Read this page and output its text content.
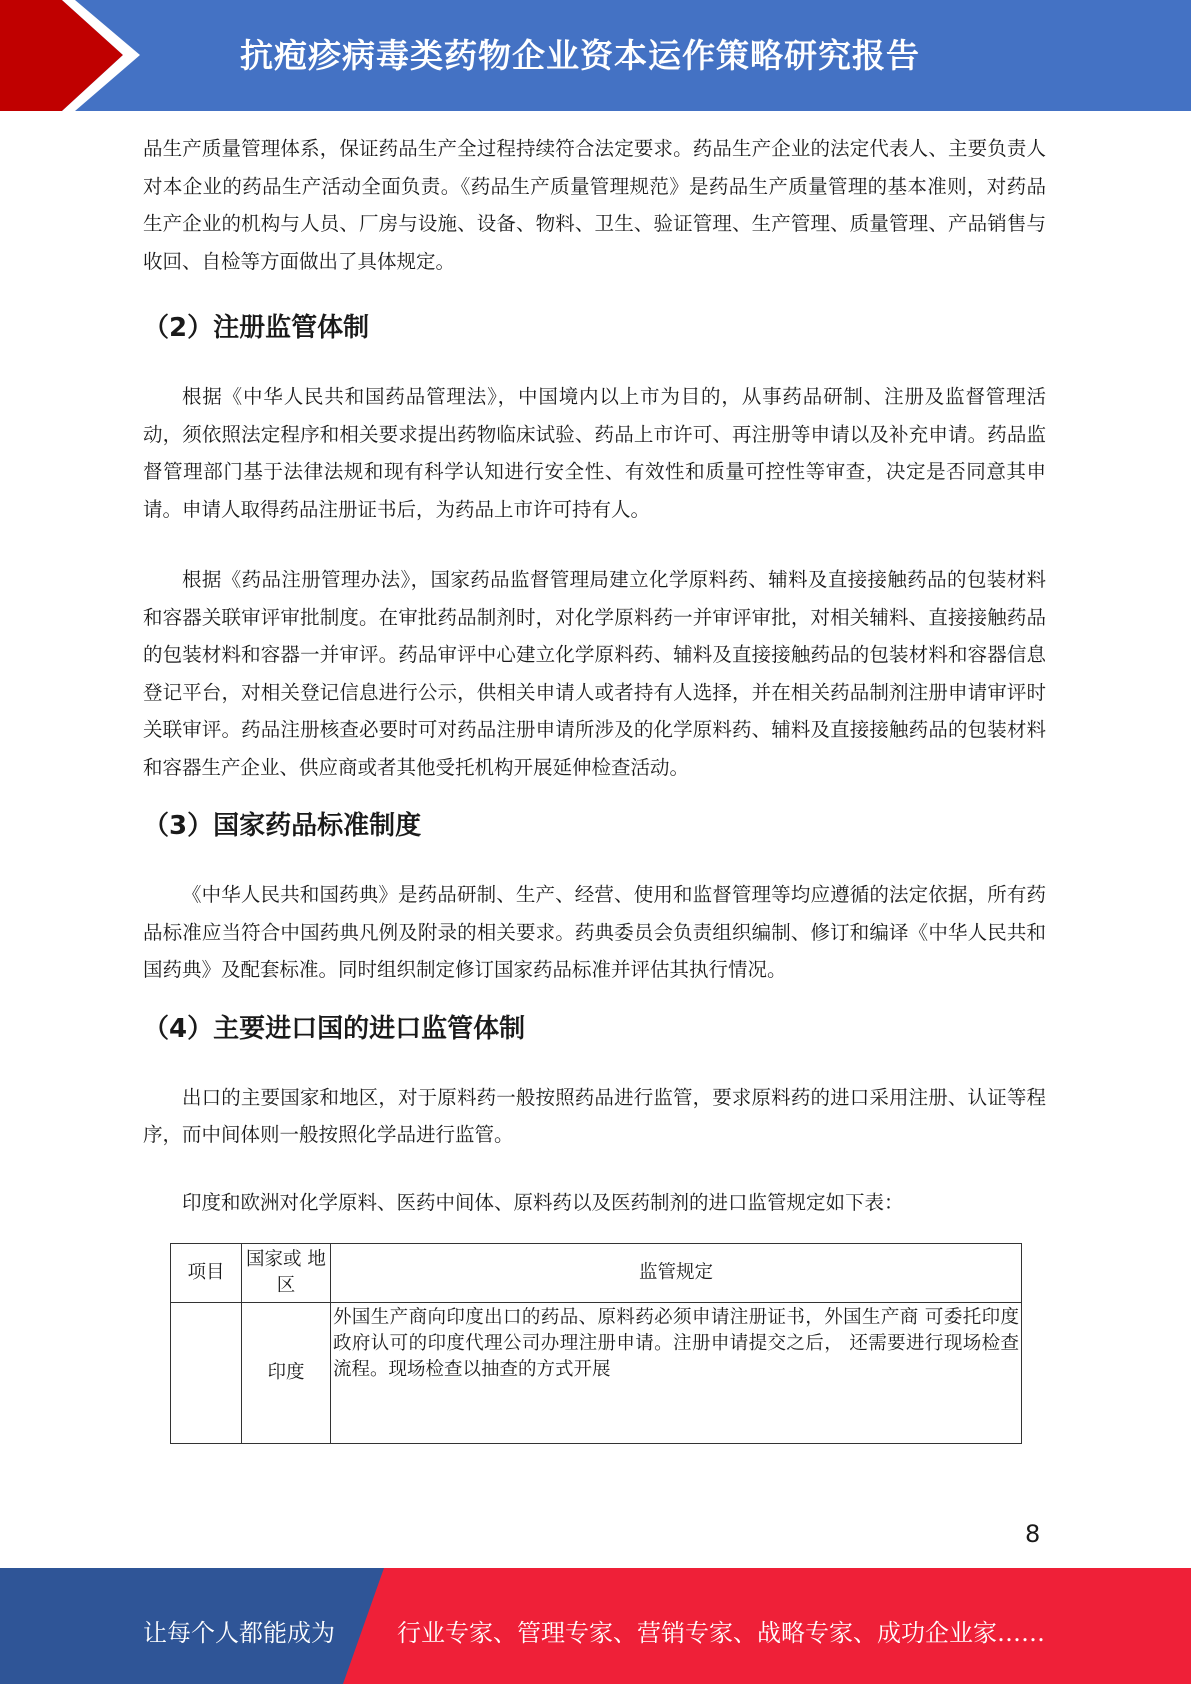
抗疱疹病毒类药物企业资本运作策略研究报告

品生产质量管理体系，保证药品生产全过程持续符合法定要求。药品生产企业的法定代表人、主要负责人对本企业的药品生产活动全面负责。《药品生产质量管理规范》是药品生产质量管理的基本准则，对药品生产企业的机构与人员、厂房与设施、设备、物料、卫生、验证管理、生产管理、质量管理、产品销售与收回、自检等方面做出了具体规定。

（2）注册监管体制

根据《中华人民共和国药品管理法》，中国境内以上市为目的，从事药品研制、注册及监督管理活动，须依照法定程序和相关要求提出药物临床试验、药品上市许可、再注册等申请以及补充申请。药品监督管理部门基于法律法规和现有科学认知进行安全性、有效性和质量可控性等审查，决定是否同意其申请。申请人取得药品注册证书后，为药品上市许可持有人。

根据《药品注册管理办法》，国家药品监督管理局建立化学原料药、辅料及直接接触药品的包装材料和容器关联审评审批制度。在审批药品制剂时，对化学原料药一并审评审批，对相关辅料、直接接触药品的包装材料和容器一并审评。药品审评中心建立化学原料药、辅料及直接接触药品的包装材料和容器信息登记平台，对相关登记信息进行公示，供相关申请人或者持有人选择，并在相关药品制剂注册申请审评时关联审评。药品注册核查必要时可对药品注册申请所涉及的化学原料药、辅料及直接接触药品的包装材料和容器生产企业、供应商或者其他受托机构开展延伸检查活动。

（3）国家药品标准制度

《中华人民共和国药典》是药品研制、生产、经营、使用和监督管理等均应遵循的法定依据，所有药品标准应当符合中国药典凡例及附录的相关要求。药典委员会负责组织编制、修订和编译《中华人民共和国药典》及配套标准。同时组织制定修订国家药品标准并评估其执行情况。

（4）主要进口国的进口监管体制

出口的主要国家和地区，对于原料药一般按照药品进行监管，要求原料药的进口采用注册、认证等程序，而中间体则一般按照化学品进行监管。

印度和欧洲对化学原料、医药中间体、原料药以及医药制剂的进口监管规定如下表：

项目	国家或 地区	监管规定
	印度	外国生产商向印度出口的药品、原料药必须申请注册证书，外国生产商 可委托印度政府认可的印度代理公司办理注册申请。注册申请提交之后， 还需要进行现场检查流程。现场检查以抽查的方式开展
8
让每个人都能成为	行业专家、管理专家、营销专家、战略专家、成功企业家……
